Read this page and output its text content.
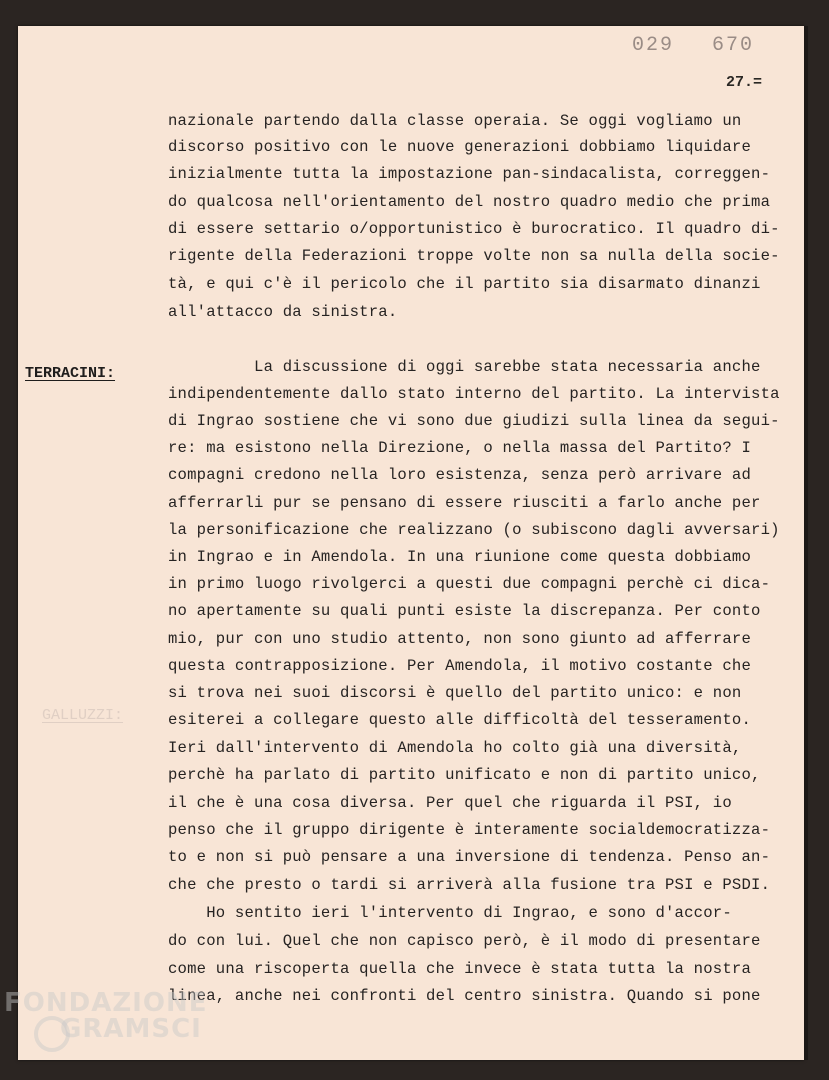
029 670
27.=
TERRACINI:
GALLUZZI:
nazionale partendo dalla classe operaia. Se oggi vogliamo un
discorso positivo con le nuove generazioni dobbiamo liquidare
inizialmente tutta la impostazione pan-sindacalista, correggen-
do qualcosa nell'orientamento del nostro quadro medio che prima
di essere settario o/opportunistico è burocratico. Il quadro di-
rigente della Federazioni troppe volte non sa nulla della socie-
tà, e qui c'è il pericolo che il partito sia disarmato dinanzi
all'attacco da sinistra.
La discussione di oggi sarebbe stata necessaria anche
indipendentemente dallo stato interno del partito. La intervista
di Ingrao sostiene che vi sono due giudizi sulla linea da segui-
re: ma esistono nella Direzione, o nella massa del Partito? I
compagni credono nella loro esistenza, senza però arrivare ad
afferrarli pur se pensano di essere riusciti a farlo anche per
la personificazione che realizzano (o subiscono dagli avversari)
in Ingrao e in Amendola. In una riunione come questa dobbiamo
in primo luogo rivolgerci a questi due compagni perchè ci dica-
no apertamente su quali punti esiste la discrepanza. Per conto
mio, pur con uno studio attento, non sono giunto ad afferrare
questa contrapposizione. Per Amendola, il motivo costante che
si trova nei suoi discorsi è quello del partito unico: e non
esiterei a collegare questo alle difficoltà del tesseramento.
Ieri dall'intervento di Amendola ho colto già una diversità,
perchè ha parlato di partito unificato e non di partito unico,
il che è una cosa diversa. Per quel che riguarda il PSI, io
penso che il gruppo dirigente è interamente socialdemocratizza-
to e non si può pensare a una inversione di tendenza. Penso an-
che che presto o tardi si arriverà alla fusione tra PSI e PSDI.
Ho sentito ieri l'intervento di Ingrao, e sono d'accor-
do con lui. Quel che non capisco però, è il modo di presentare
come una riscoperta quella che invece è stata tutta la nostra
linea, anche nei confronti del centro sinistra. Quando si pone
FONDAZIONE
GRAMSCI
